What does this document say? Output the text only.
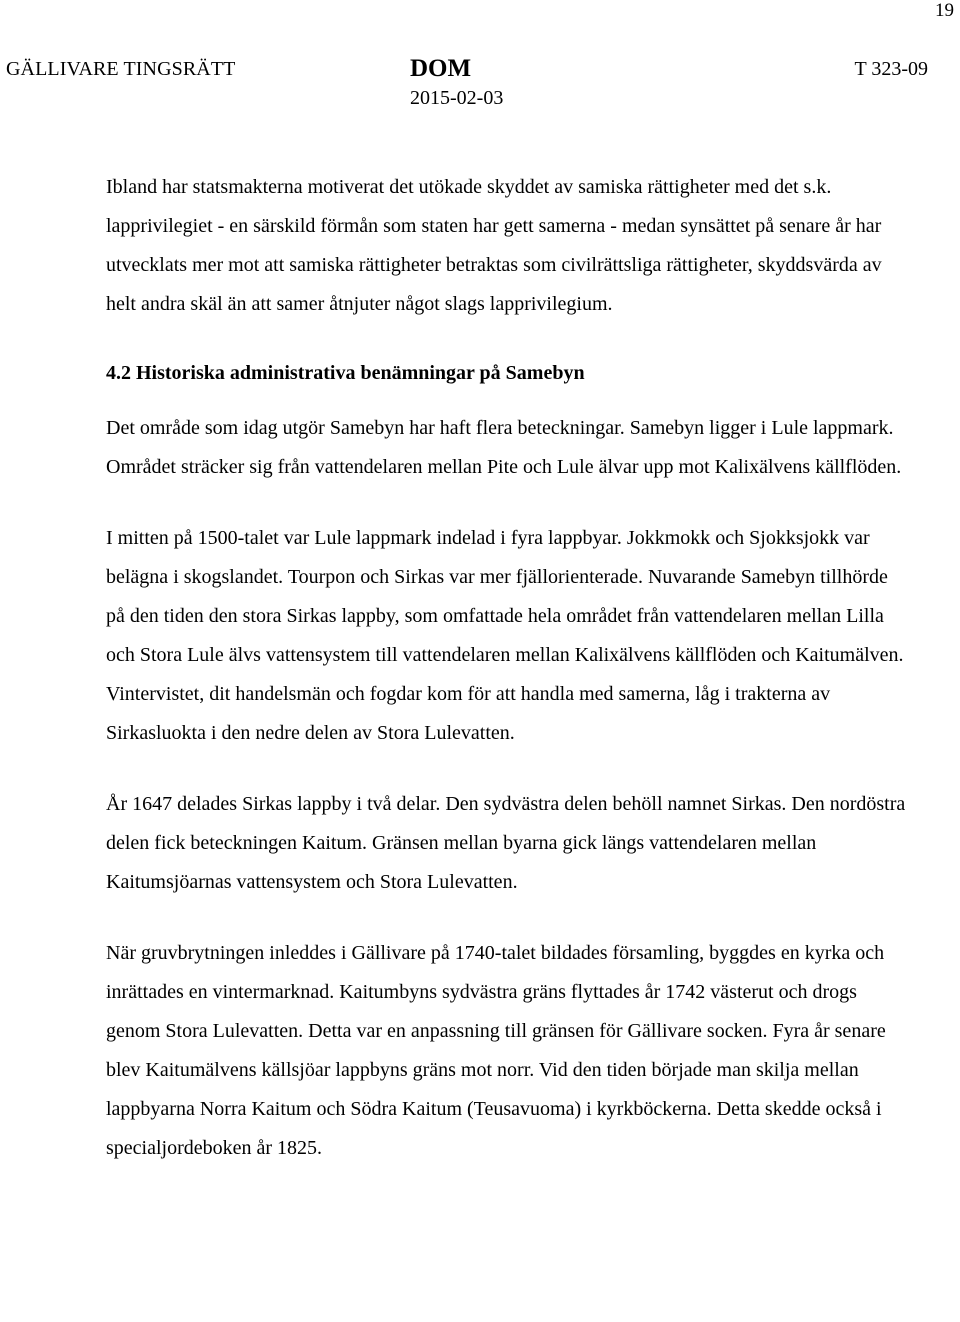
19
GÄLLIVARE TINGSRÄTT	DOM
2015-02-03
T 323-09

Ibland har statsmakterna motiverat det utökade skyddet av samiska rättigheter med det s.k. lapprivilegiet - en särskild förmån som staten har gett samerna - medan synsättet på senare år har utvecklats mer mot att samiska rättigheter betraktas som civilrättsliga rättigheter, skyddsvärda av helt andra skäl än att samer åtnjuter något slags lapprivilegium.

4.2 Historiska administrativa benämningar på Samebyn

Det område som idag utgör Samebyn har haft flera beteckningar. Samebyn ligger i Lule lappmark. Området sträcker sig från vattendelaren mellan Pite och Lule älvar upp mot Kalixälvens källflöden.

I mitten på 1500-talet var Lule lappmark indelad i fyra lappbyar. Jokkmokk och Sjokksjokk var belägna i skogslandet. Tourpon och Sirkas var mer fjällorienterade. Nuvarande Samebyn tillhörde på den tiden den stora Sirkas lappby, som omfattade hela området från vattendelaren mellan Lilla och Stora Lule älvs vattensystem till vattendelaren mellan Kalixälvens källflöden och Kaitumälven. Vintervistet, dit handelsmän och fogdar kom för att handla med samerna, låg i trakterna av Sirkasluokta i den nedre delen av Stora Lulevatten.

År 1647 delades Sirkas lappby i två delar. Den sydvästra delen behöll namnet Sirkas. Den nordöstra delen fick beteckningen Kaitum. Gränsen mellan byarna gick längs vattendelaren mellan Kaitumsjöarnas vattensystem och Stora Lulevatten.

När gruvbrytningen inleddes i Gällivare på 1740-talet bildades församling, byggdes en kyrka och inrättades en vintermarknad. Kaitumbyns sydvästra gräns flyttades år 1742 västerut och drogs genom Stora Lulevatten. Detta var en anpassning till gränsen för Gällivare socken. Fyra år senare blev Kaitumälvens källsjöar lappbyns gräns mot norr. Vid den tiden började man skilja mellan lappbyarna Norra Kaitum och Södra Kaitum (Teusavuoma) i kyrkböckerna. Detta skedde också i specialjordeboken år 1825.
